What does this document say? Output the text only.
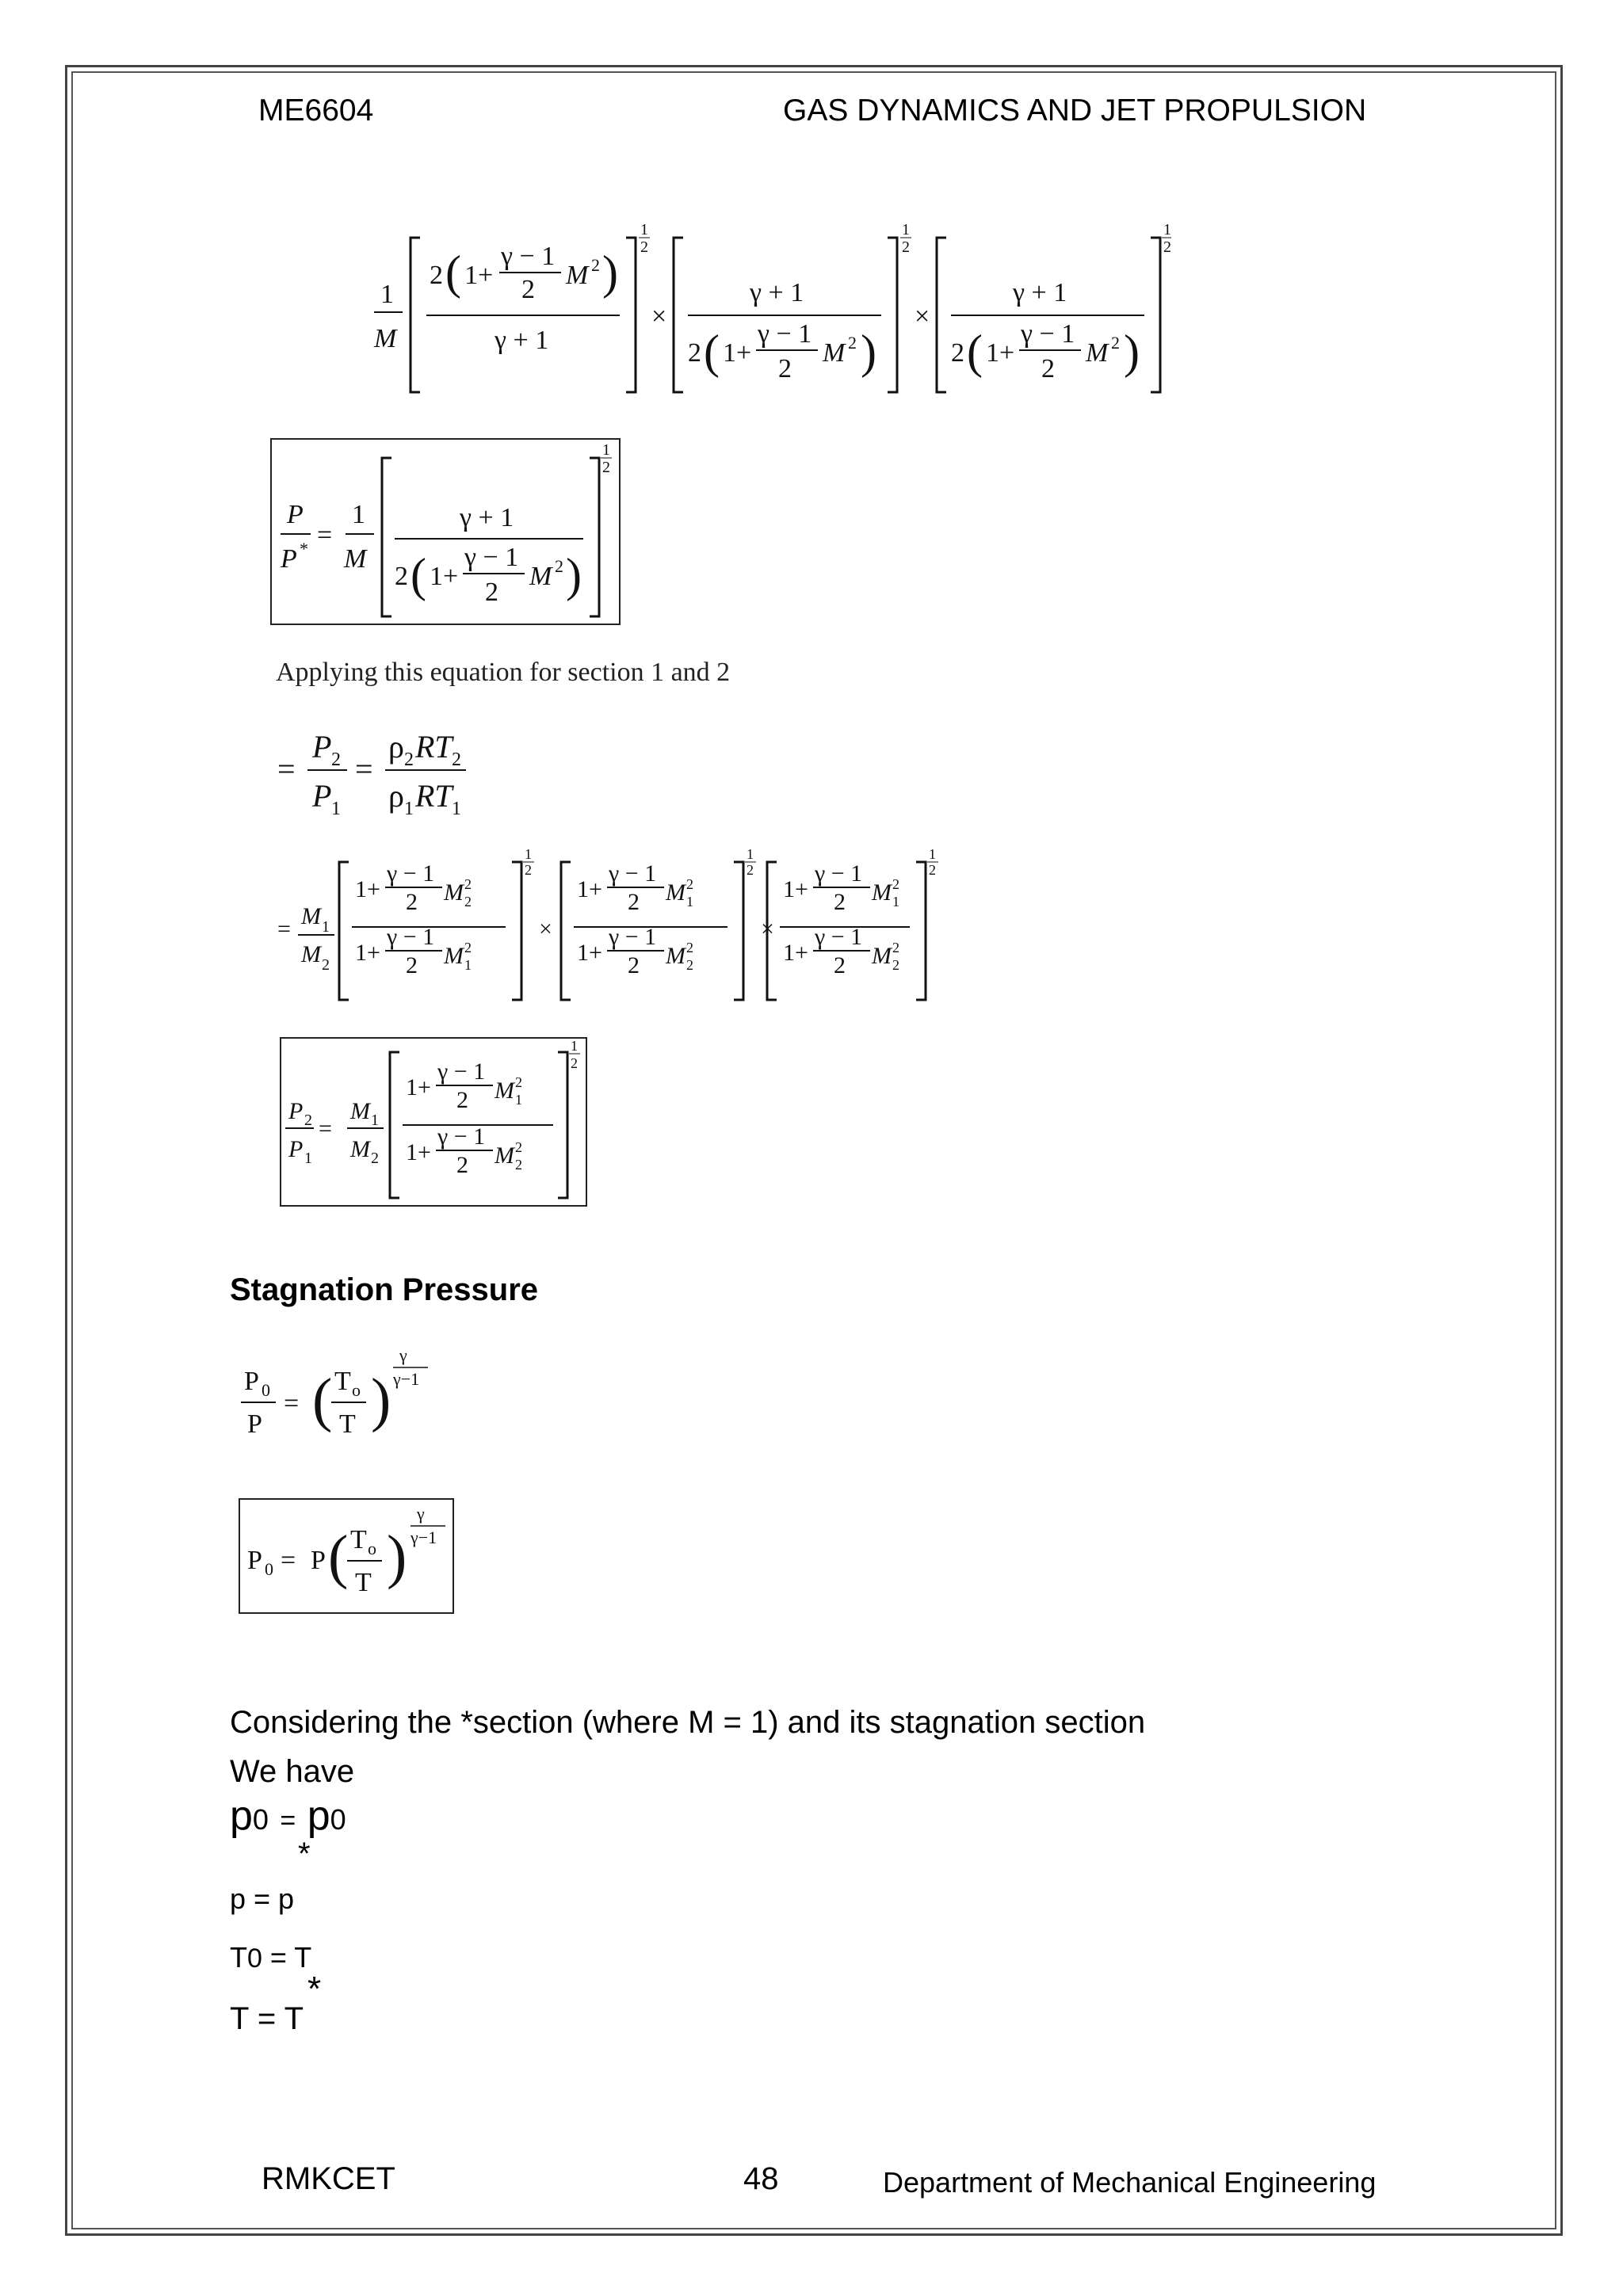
ME6604	GAS DYNAMICS AND JET PROPULSION
1
M
2 ( 1+
γ − 1
2 M 2 )
γ + 1
1
2
×
γ + 1
2 ( 1+
γ − 1
2
M 2 )
1
2
×
γ + 1
2 ( 1+
γ − 1
2
M 2 )
1
2
P
P * =
1
M
γ + 1
2 ( 1+
γ − 1
2
M 2 )
1
2
Applying this equation for section 1 and 2
=
P 2
P 1
=
ρ 2 RT 2
ρ 1 RT 1
= M 1
M 2
1+
γ − 1
2 M 2
2
1+
γ − 1
2 M 1
2
1
2
×
1+
γ − 1
2 M 1
2
1+
γ − 1
2 M 2
2
1
2
×
1+
γ − 1
2 M 1
2
1+
γ − 1
2 M 2
2
1
2
P 2
P 1
=
M 1
M 2
1+
γ − 1
2 M 1
2
1+
γ − 1
2 M 2
2
1
2
Stagnation Pressure
P 0
P
= ( T o
T )
γ
γ−1
P 0 = P ( T o
T )
γ
γ−1
Considering the *section (where M = 1) and its stagnation section
We have
p0 = p0
*
p = p
T0 = T
*
T = T
RMKCET	48	Department of Mechanical Engineering
